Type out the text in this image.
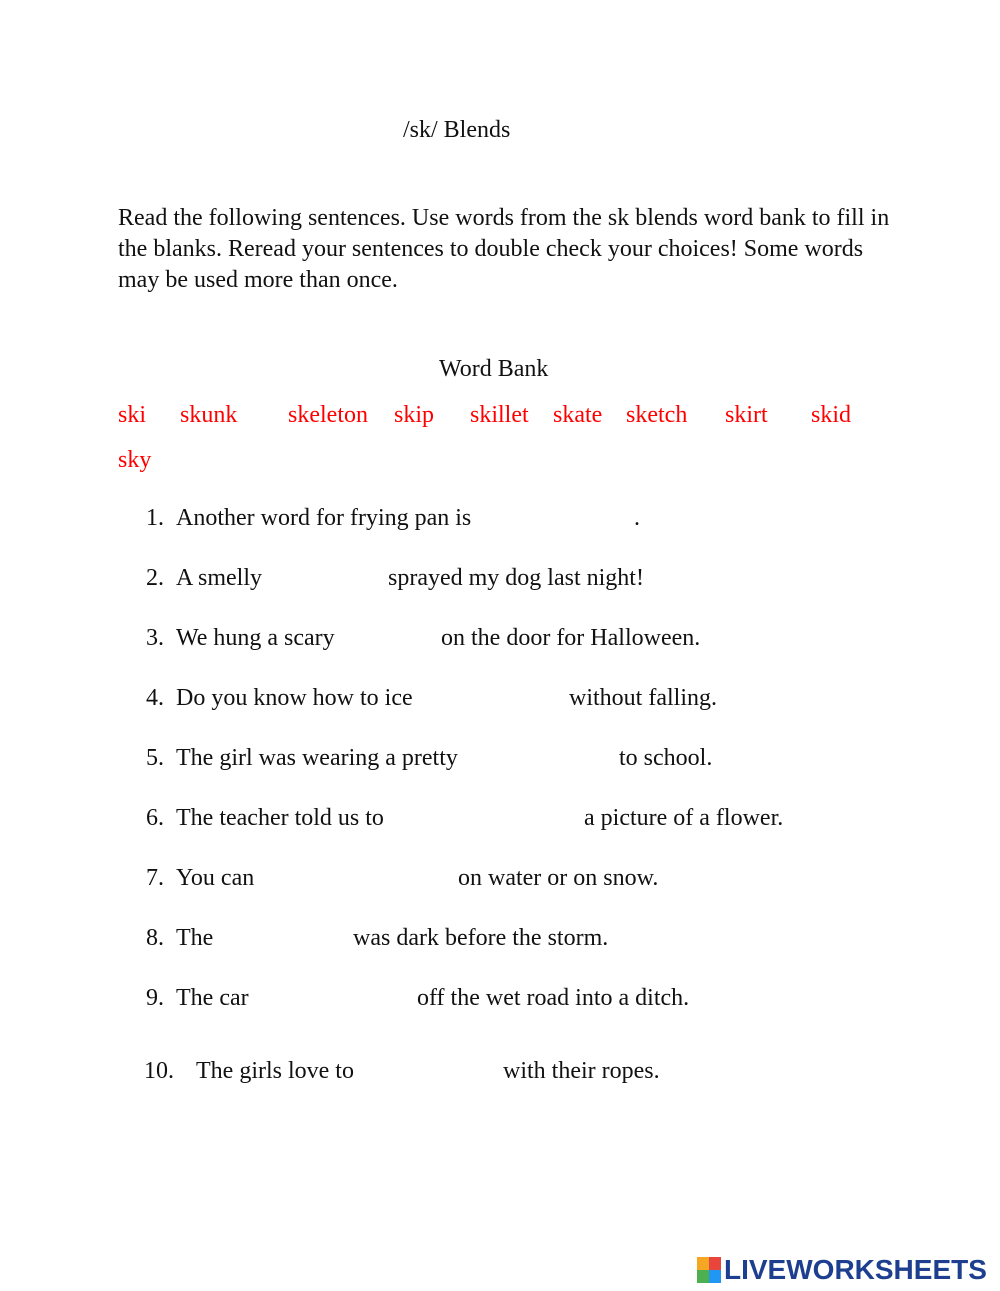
/sk/ Blends
Read the following sentences. Use words from the sk blends word bank to fill in the blanks. Reread your sentences to double check your choices! Some words may be used more than once.
Word Bank
ski skunk skeleton skip skillet skate sketch skirt skid
sky
1. Another word for frying pan is	.
2. A smelly	sprayed my dog last night!
3. We hung a scary	on the door for Halloween.
4. Do you know how to ice	without falling.
5. The girl was wearing a pretty	to school.
6. The teacher told us to	a picture of a flower.
7. You can	on water or on snow.
8. The	was dark before the storm.
9. The car	off the wet road into a ditch.
10. The girls love to	with their ropes.
LIVEWORKSHEETS
